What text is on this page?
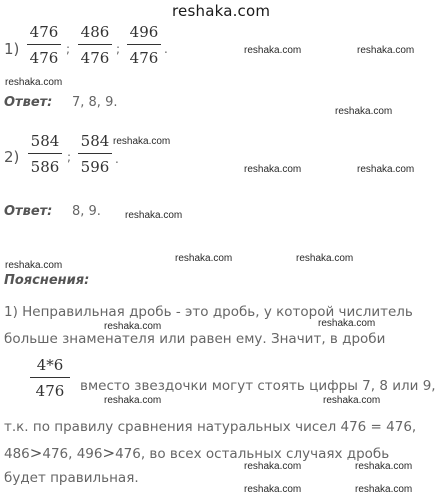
reshaka.com
1)
476
476 ;
486
476 ;
496
476 .	reshaka.com	reshaka.com
reshaka.com
Ответ: 7, 8, 9.
reshaka.com
2)
584
586
;
584
596 .
reshaka.com
reshaka.com	reshaka.com
Ответ: 8, 9. reshaka.com
reshaka.com	reshaka.com
reshaka.com
Пояснения:
1) Неправильная дробь - это дробь, у которой числитель
reshaka.com	reshaka.com
больше знаменателя или равен ему. Значит, в дроби
4*6
476	вместо звездочки могут стоять цифры 7, 8 или 9,
reshaka.com	reshaka.com
т.к. по правилу сравнения натуральных чисел 476 = 476,
486>476, 496>476, во всех остальных случаях дробь
reshaka.com	reshaka.com
будет правильная.
reshaka.com	reshaka.com
